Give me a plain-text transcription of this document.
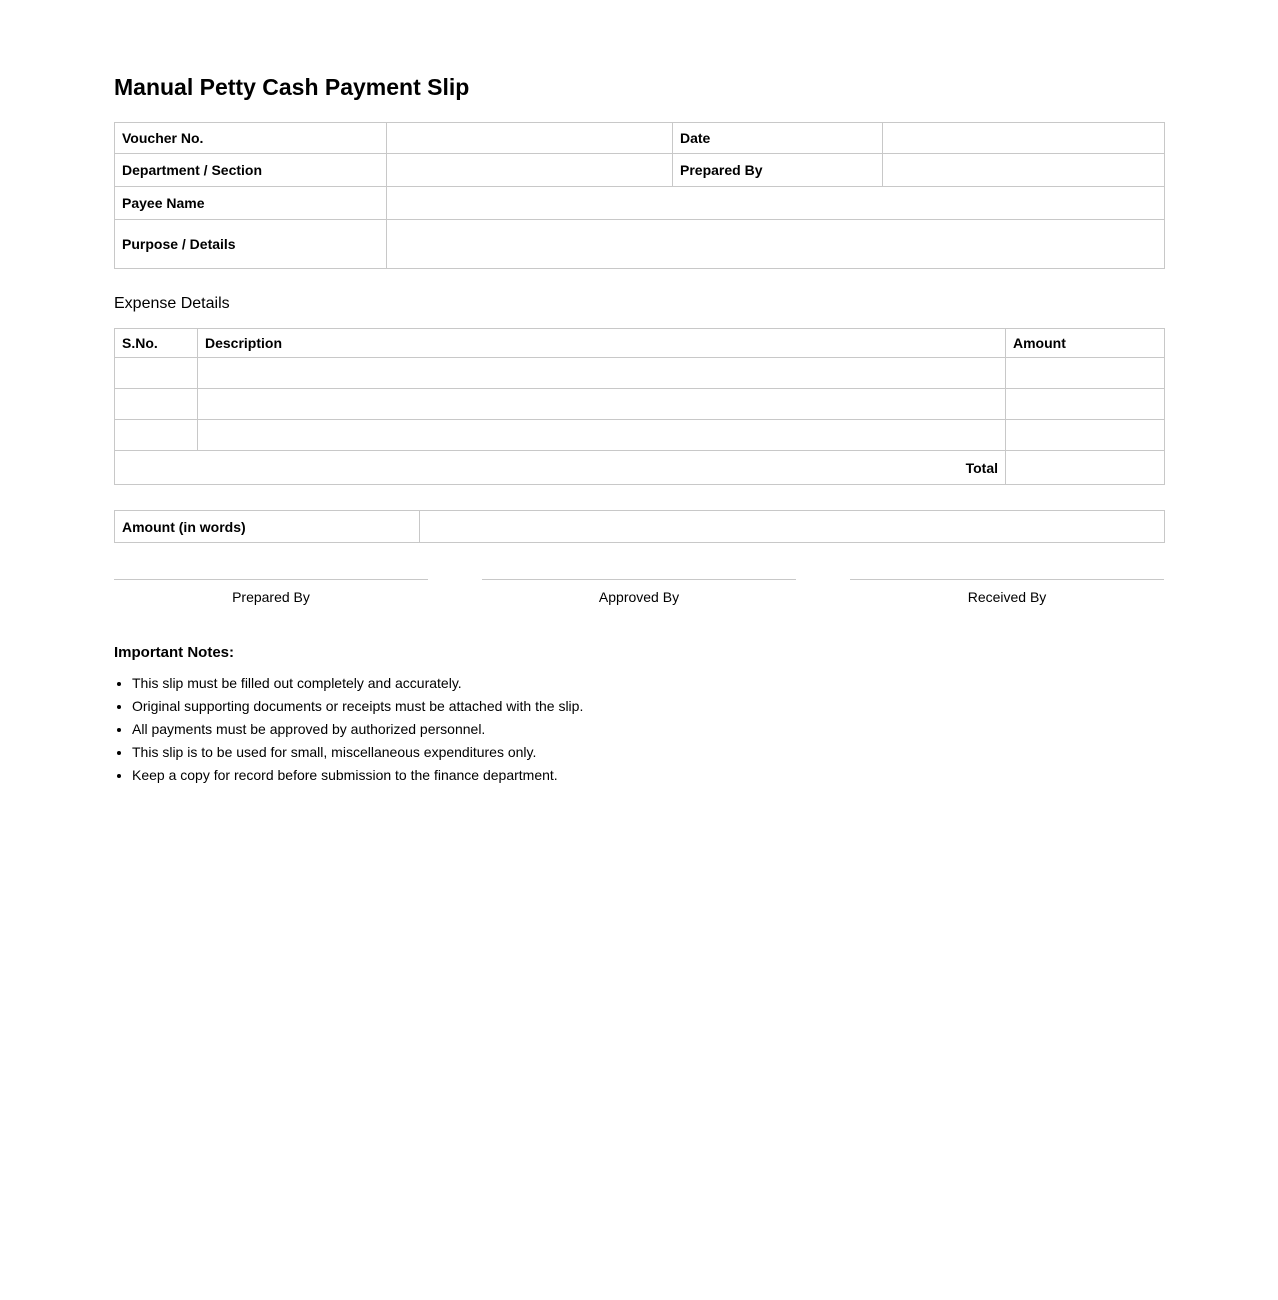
Manual Petty Cash Payment Slip
Voucher No.		Date	
Department / Section		Prepared By	
Payee Name			
Purpose / Details			
Expense Details
S.No.	Description	Amount

Total		
Amount (in words)	
Prepared By	Approved By	Received By

Important Notes:

• This slip must be filled out completely and accurately.
• Original supporting documents or receipts must be attached with the slip.
• All payments must be approved by authorized personnel.
• This slip is to be used for small, miscellaneous expenditures only.
• Keep a copy for record before submission to the finance department.
